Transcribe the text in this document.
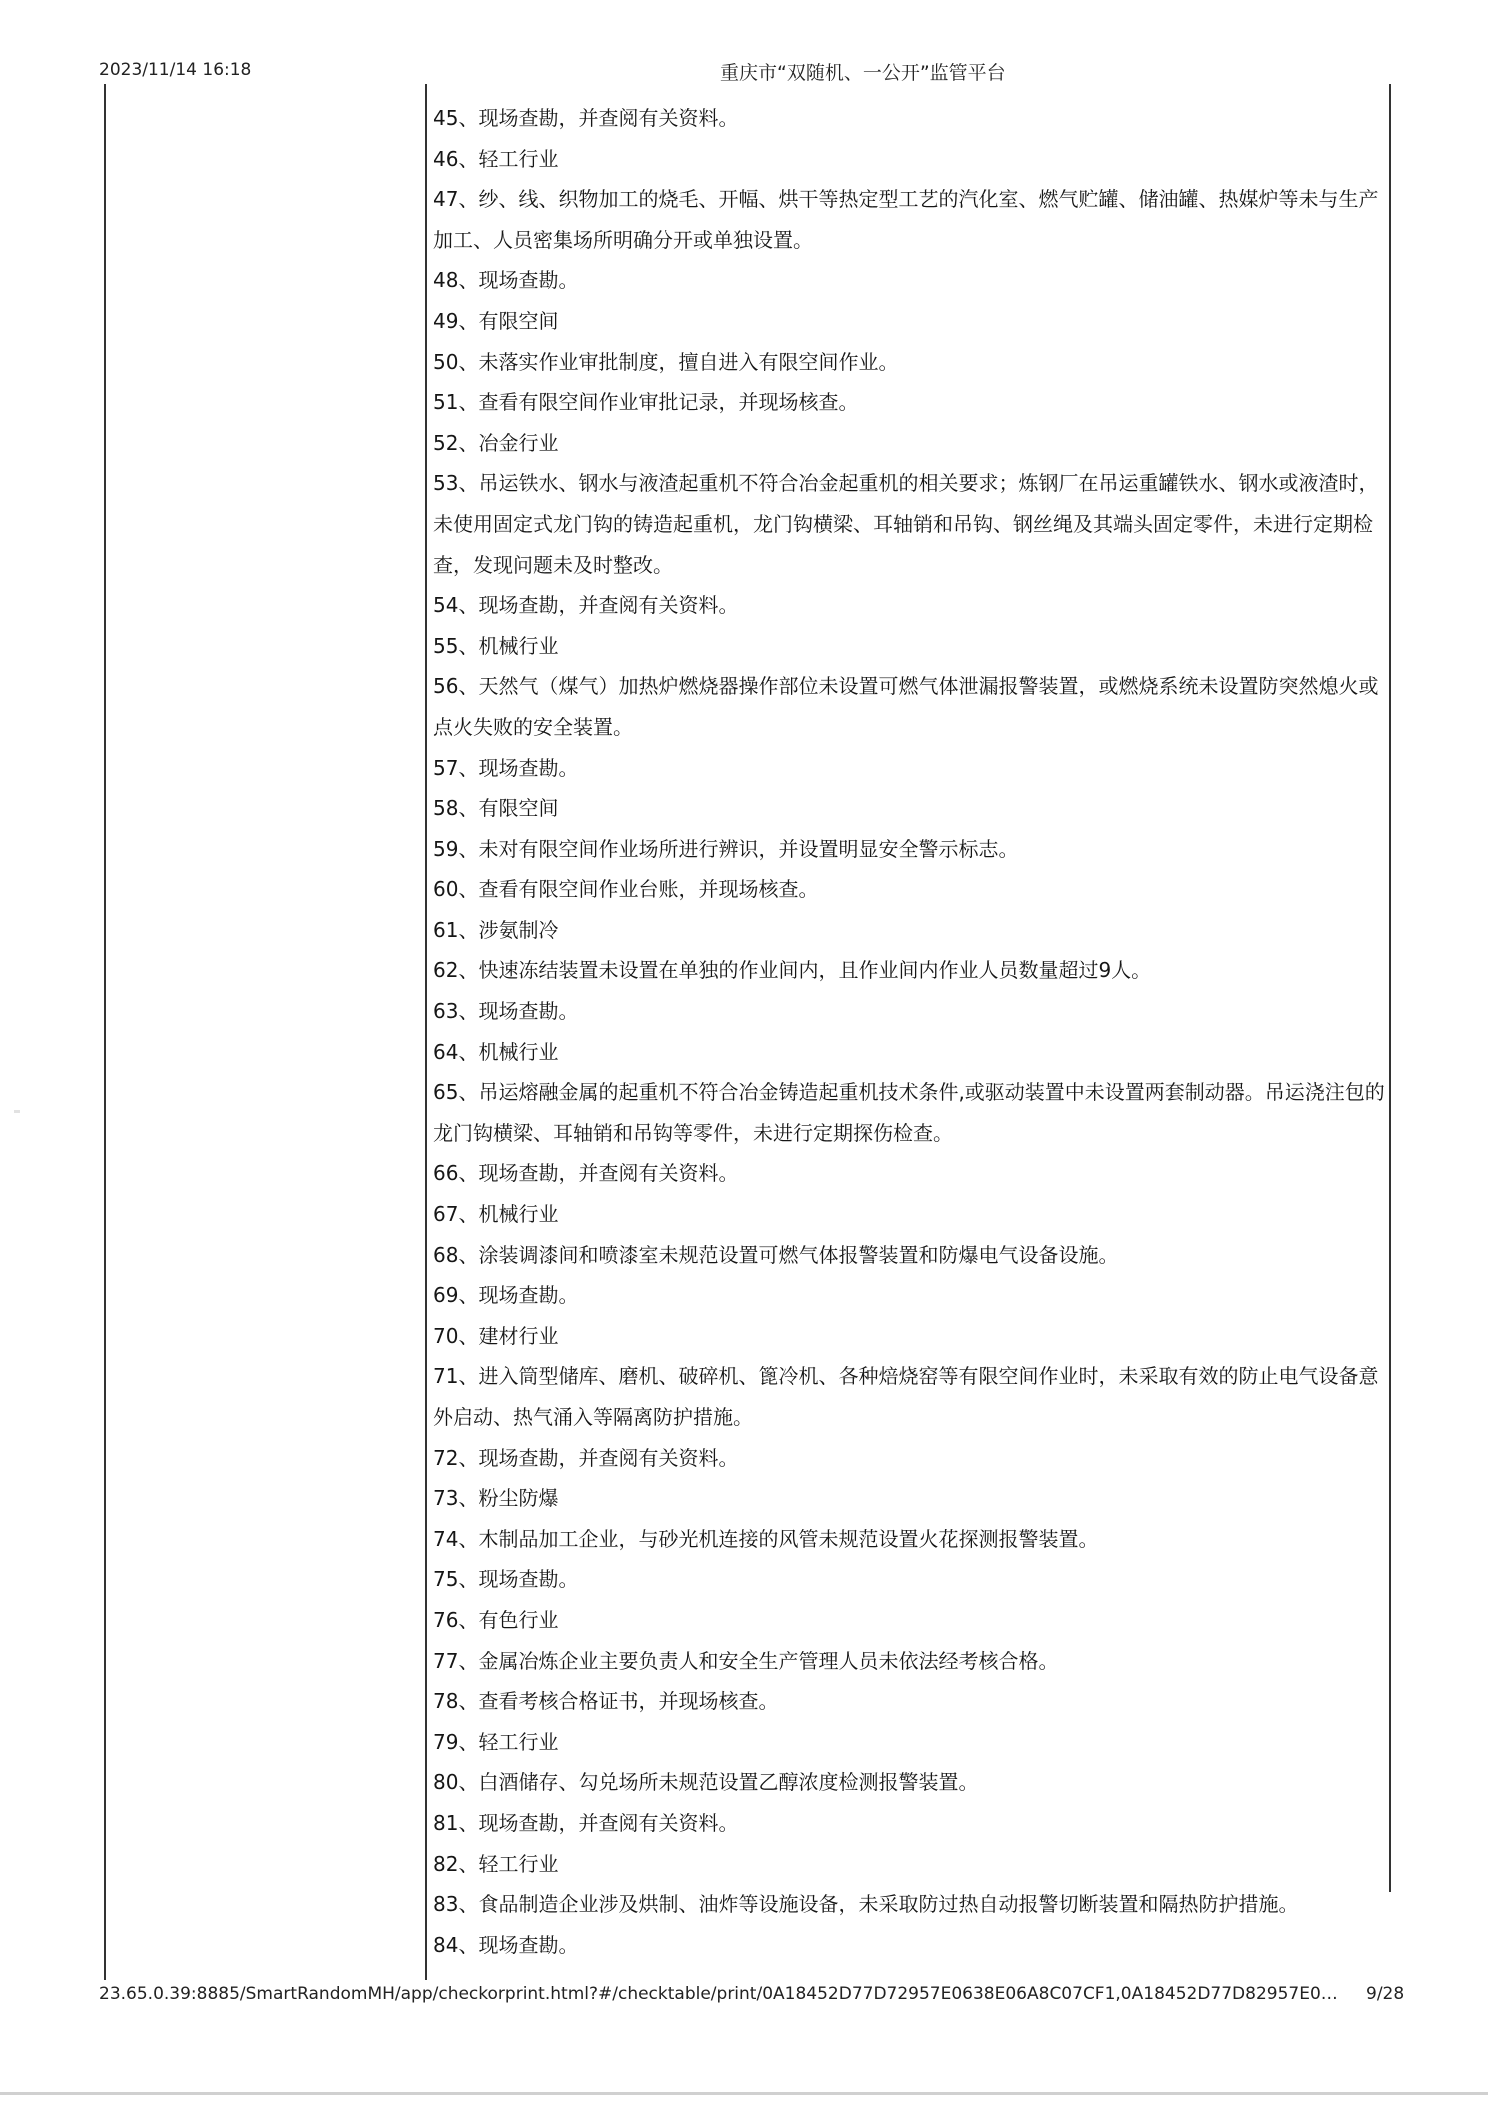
2023/11/14 16:18	重庆市“双随机、一公开”监管平台
45、现场查勘，并查阅有关资料。
46、轻工行业
47、纱、线、织物加工的烧毛、开幅、烘干等热定型工艺的汽化室、燃气贮罐、储油罐、热媒炉等未与生产加工、人员密集场所明确分开或单独设置。
48、现场查勘。
49、有限空间
50、未落实作业审批制度，擅自进入有限空间作业。
51、查看有限空间作业审批记录，并现场核查。
52、冶金行业
53、吊运铁水、钢水与液渣起重机不符合冶金起重机的相关要求；炼钢厂在吊运重罐铁水、钢水或液渣时，未使用固定式龙门钩的铸造起重机，龙门钩横梁、耳轴销和吊钩、钢丝绳及其端头固定零件，未进行定期检查，发现问题未及时整改。
54、现场查勘，并查阅有关资料。
55、机械行业
56、天然气（煤气）加热炉燃烧器操作部位未设置可燃气体泄漏报警装置，或燃烧系统未设置防突然熄火或点火失败的安全装置。
57、现场查勘。
58、有限空间
59、未对有限空间作业场所进行辨识，并设置明显安全警示标志。
60、查看有限空间作业台账，并现场核查。
61、涉氨制冷
62、快速冻结装置未设置在单独的作业间内，且作业间内作业人员数量超过9人。
63、现场查勘。
64、机械行业
65、吊运熔融金属的起重机不符合冶金铸造起重机技术条件,或驱动装置中未设置两套制动器。吊运浇注包的龙门钩横梁、耳轴销和吊钩等零件，未进行定期探伤检查。
66、现场查勘，并查阅有关资料。
67、机械行业
68、涂装调漆间和喷漆室未规范设置可燃气体报警装置和防爆电气设备设施。
69、现场查勘。
70、建材行业
71、进入筒型储库、磨机、破碎机、篦冷机、各种焙烧窑等有限空间作业时，未采取有效的防止电气设备意外启动、热气涌入等隔离防护措施。
72、现场查勘，并查阅有关资料。
73、粉尘防爆
74、木制品加工企业，与砂光机连接的风管未规范设置火花探测报警装置。
75、现场查勘。
76、有色行业
77、金属冶炼企业主要负责人和安全生产管理人员未依法经考核合格。
78、查看考核合格证书，并现场核查。
79、轻工行业
80、白酒储存、勾兑场所未规范设置乙醇浓度检测报警装置。
81、现场查勘，并查阅有关资料。
82、轻工行业
83、食品制造企业涉及烘制、油炸等设施设备，未采取防过热自动报警切断装置和隔热防护措施。
84、现场查勘。
23.65.0.39:8885/SmartRandomMH/app/checkorprint.html?#/checktable/print/0A18452D77D72957E0638E06A8C07CF1,0A18452D77D82957E0… 9/28
